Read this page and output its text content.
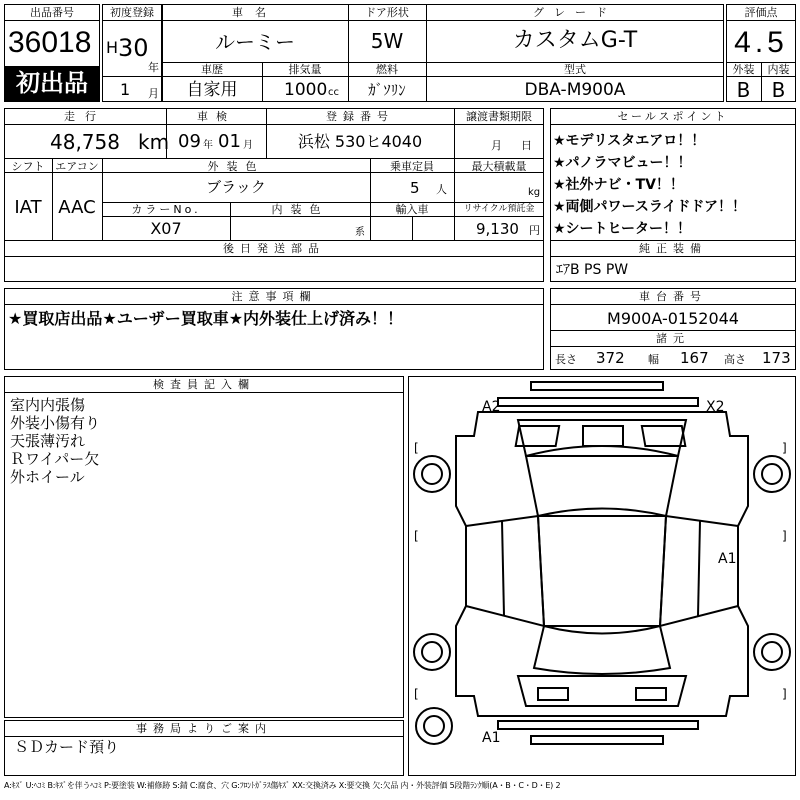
出品番号
36018
初出品
初度登録
H 30
年
1 月
車名
ルーミー
ドア形状
5W
グレード
カスタムG-T
車歴
自家用
排気量
1000 cc
燃料
ｶﾞｿﾘﾝ
型式
DBA-M900A
評価点
4.5
外装	内装
B	B
走行
48,758 km
車検
09 年 01 月
登録番号
浜松 530ヒ4040
譲渡書類期限
月 日
シフト
IAT
エアコン
AAC
外装色
ブラック
乗車定員
5 人
最大積載量
kg
カラーNo.
X07
内装色
系
輸入車	リサイクル預託金
9,130 円
後日発送部品
セールスポイント
★モデリスタエアロ！！
★パノラマビュー！！
★社外ナビ・TV！！
★両側パワースライドドア！！
★シートヒーター！！
純正装備
ｴｱB PS PW
注意事項欄
★買取店出品★ユーザー買取車★内外装仕上げ済み！！
車台番号
M900A-0152044
諸元
長さ 372 幅 167 高さ 173
検査員記入欄
室内内張傷
外装小傷有り
天張薄汚れ
Ｒワイパー欠
外ホイール
事務局よりご案内
ＳＤカード預り
[	]
[	]
[	]
A2	X2
A1
A1
A:ｷｽﾞ U:ﾍｺﾐ B:ｷｽﾞを伴うﾍｺﾐ P:要塗装 W:補修跡 S:錆 C:腐食、穴 G:ﾌﾛﾝﾄｶﾞﾗｽ傷ｷｽﾞ XX:交換済み X:要交換 欠:欠品 内・外装評価 5段階ﾗﾝｸ順(A・B・C・D・E) 2
